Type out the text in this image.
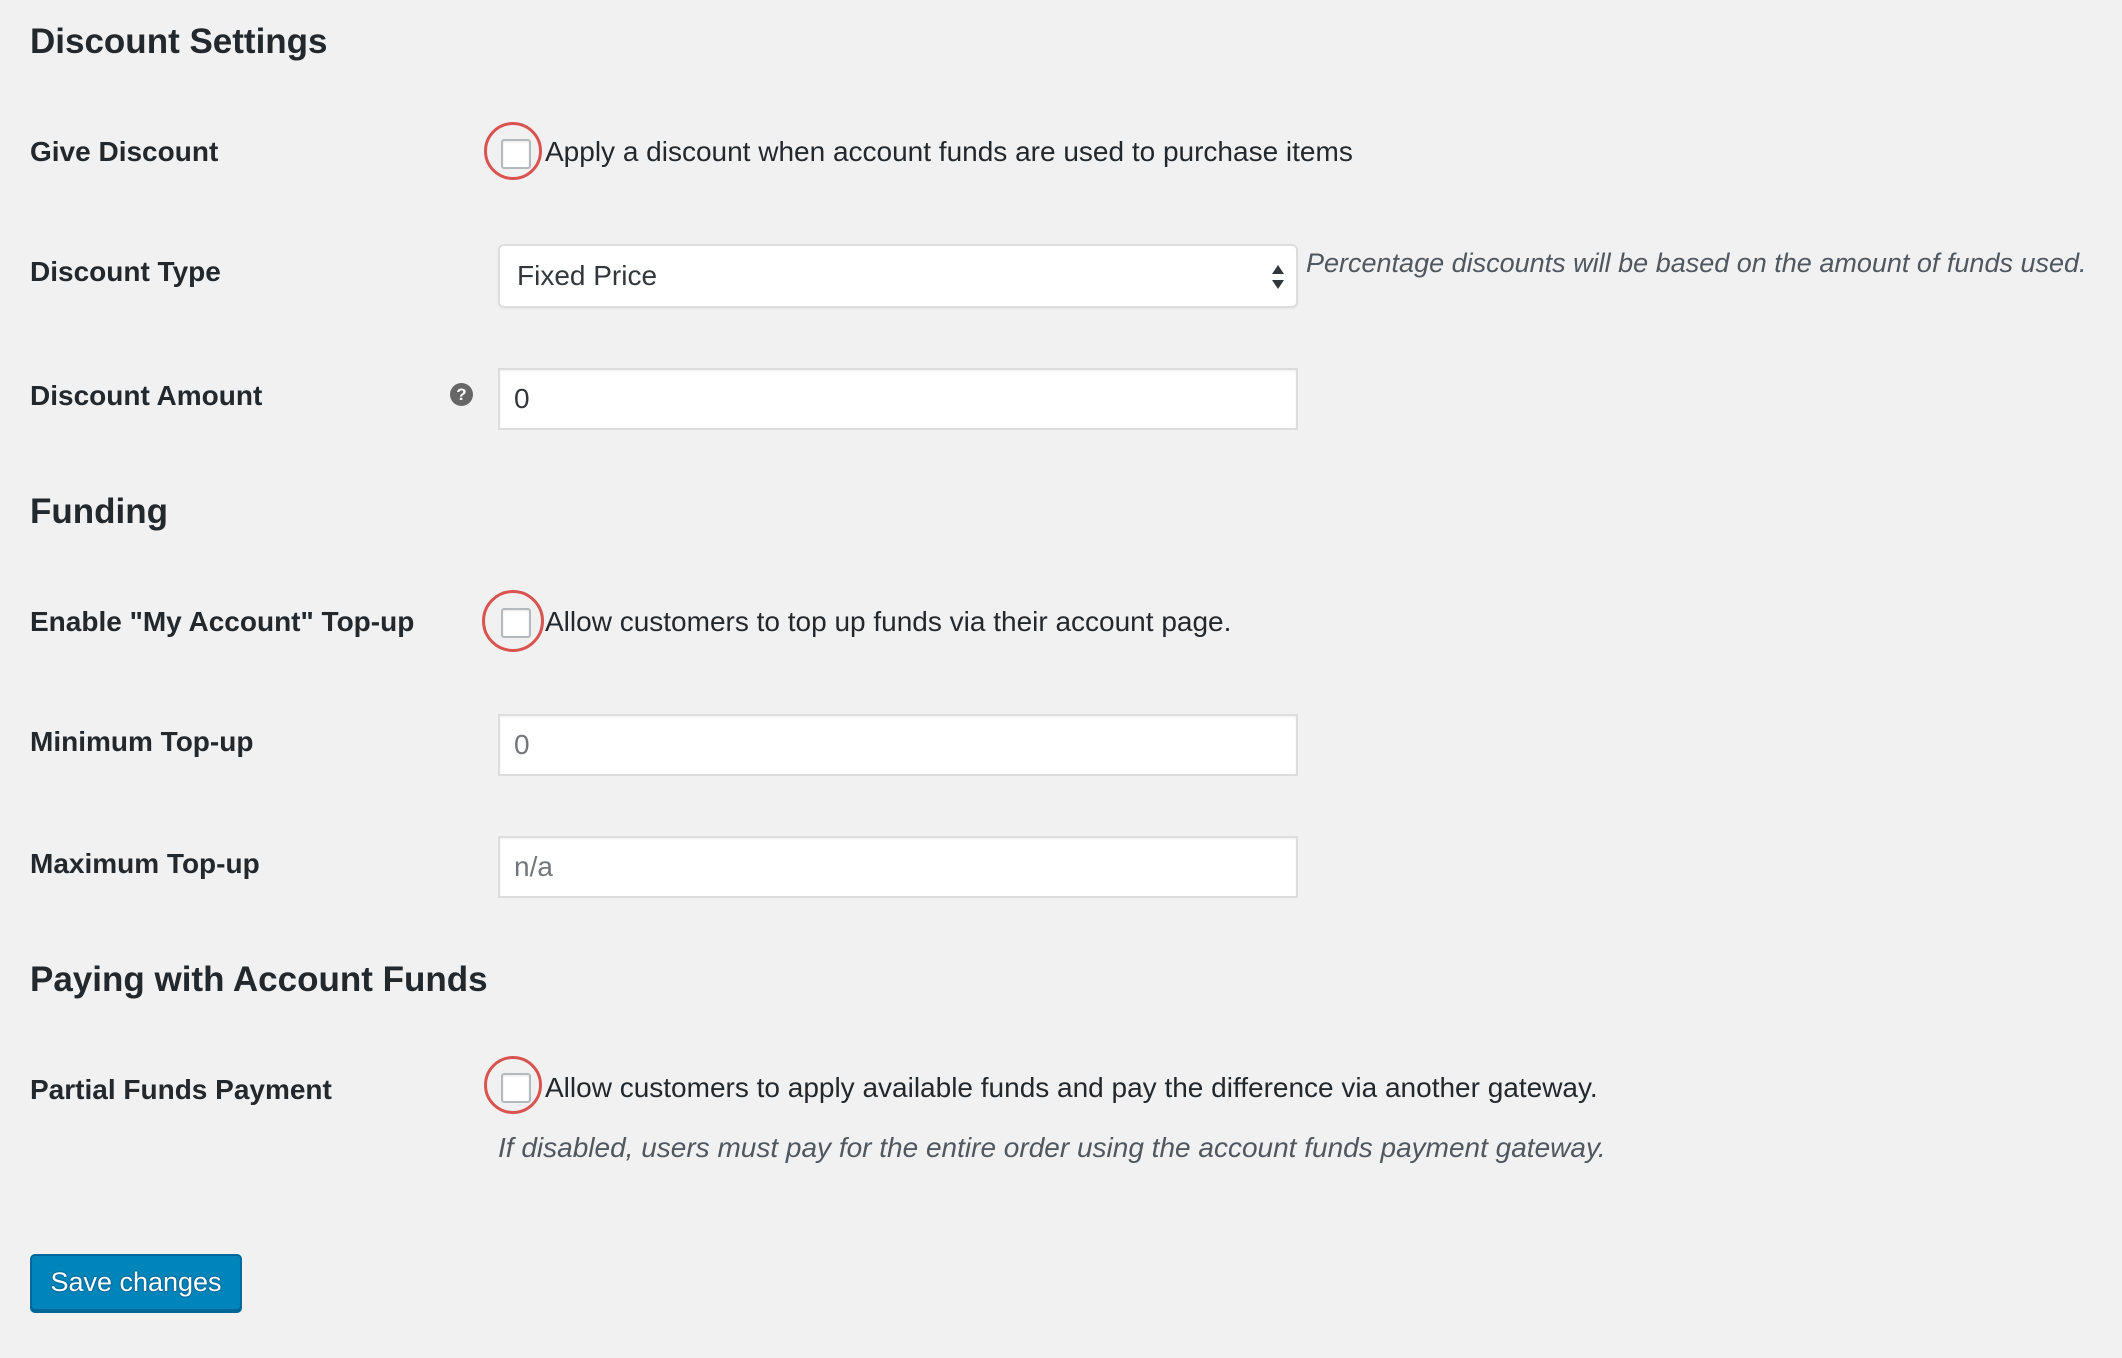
Discount Settings
Give Discount	Apply a discount when account funds are used to purchase items
Discount Type	Fixed Price	Percentage discounts will be based on the amount of funds used.
Discount Amount	?	0
Funding
Enable "My Account" Top-up	Allow customers to top up funds via their account page.
Minimum Top-up	0
Maximum Top-up	n/a
Paying with Account Funds
Partial Funds Payment	Allow customers to apply available funds and pay the difference via another gateway.
If disabled, users must pay for the entire order using the account funds payment gateway.
Save changes
